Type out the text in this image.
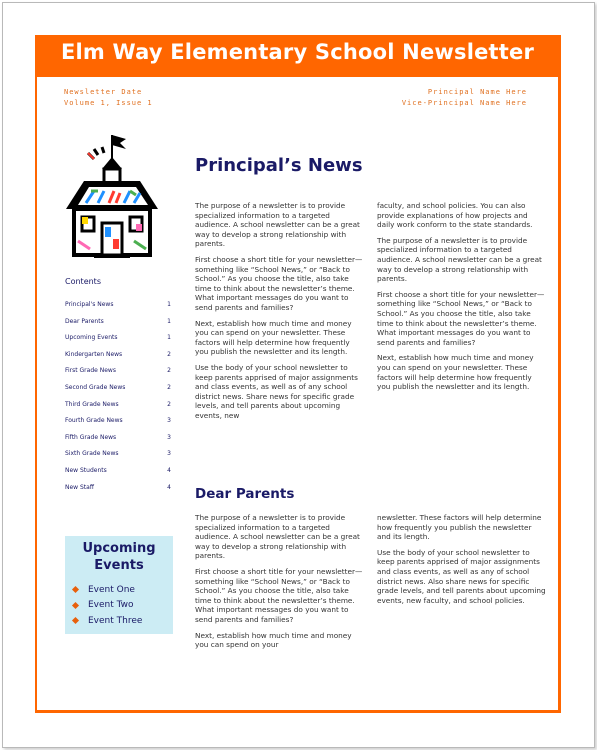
Elm Way Elementary School Newsletter
Newsletter Date
Volume 1, Issue 1
Principal Name Here
Vice-Principal Name Here
Contents
Principal's News	1
Dear Parents	1
Upcoming Events	1
Kindergarten News	2
First Grade News	2
Second Grade News	2
Third Grade News	2
Fourth Grade News	3
Fifth Grade News	3
Sixth Grade News	3
New Students	4
New Staff	4
Upcoming Events
Event One
Event Two
Event Three
Principal’s News

The purpose of a newsletter is to provide specialized information to a targeted audience. A school newsletter can be a great way to develop a strong relationship with parents.

First choose a short title for your newsletter— something like “School News,” or “Back to School.” As you choose the title, also take time to think about the newsletter’s theme. What important messages do you want to send parents and families?

Next, establish how much time and money you can spend on your newsletter. These factors will help determine how frequently you publish the newsletter and its length.

Use the body of your school newsletter to keep parents apprised of major assignments and class events, as well as of any school district news. Share news for specific grade levels, and tell parents about upcoming events, new

faculty, and school policies. You can also provide explanations of how projects and daily work conform to the state standards.

The purpose of a newsletter is to provide specialized information to a targeted audience. A school newsletter can be a great way to develop a strong relationship with parents.

First choose a short title for your newsletter— something like “School News,” or “Back to School.” As you choose the title, also take time to think about the newsletter’s theme. What important messages do you want to send parents and families?

Next, establish how much time and money you can spend on your newsletter. These factors will help determine how frequently you publish the newsletter and its length.

Dear Parents

The purpose of a newsletter is to provide specialized information to a targeted audience. A school newsletter can be a great way to develop a strong relationship with parents.

First choose a short title for your newsletter— something like “School News,” or “Back to School.” As you choose the title, also take time to think about the newsletter’s theme. What important messages do you want to send parents and families?

Next, establish how much time and money you can spend on your

newsletter. These factors will help determine how frequently you publish the newsletter and its length.

Use the body of your school newsletter to keep parents apprised of major assignments and class events, as well as any of school district news. Also share news for specific grade levels, and tell parents about upcoming events, new faculty, and school policies.
